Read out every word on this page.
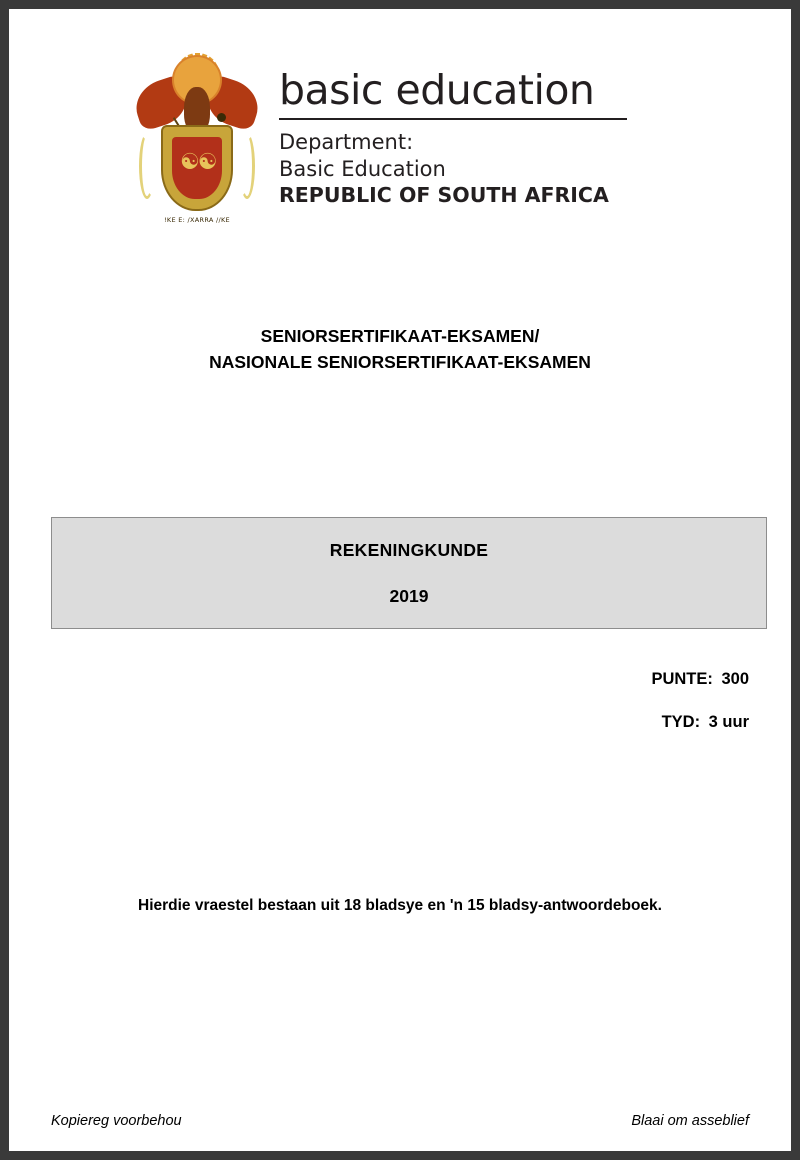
☯☯
!KE E: /XARRA //KE
basic education
Department:
Basic Education
REPUBLIC OF SOUTH AFRICA
SENIORSERTIFIKAAT-EKSAMEN/
NASIONALE SENIORSERTIFIKAAT-EKSAMEN
REKENINGKUNDE
2019
PUNTE: 300
TYD: 3 uur
Hierdie vraestel bestaan uit 18 bladsye en 'n 15 bladsy-antwoordeboek.
Kopiereg voorbehou	Blaai om asseblief
